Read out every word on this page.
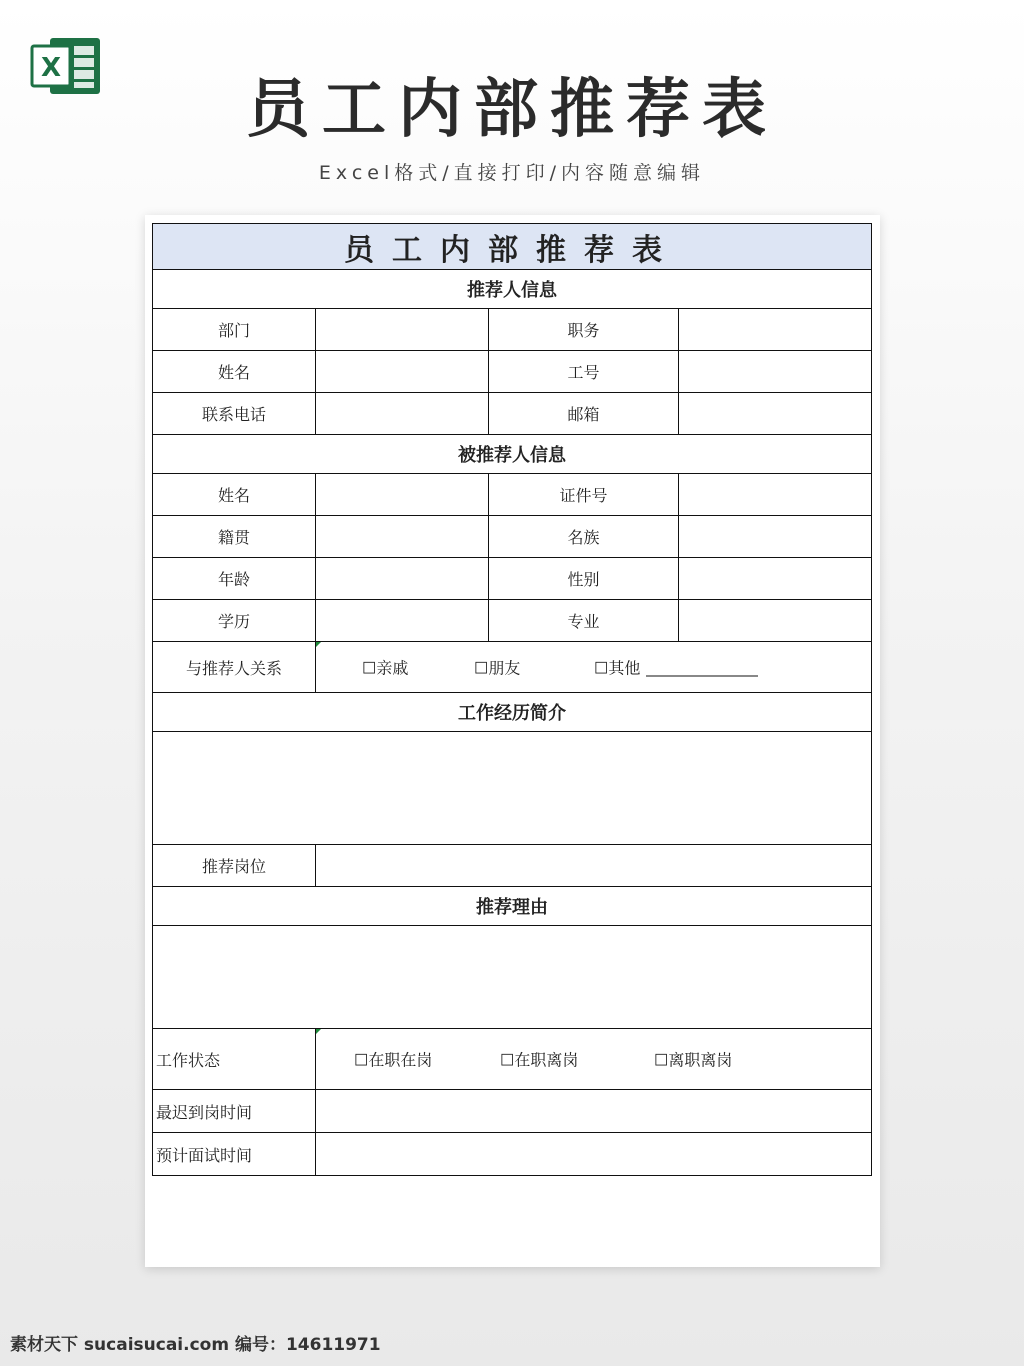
X
员工内部推荐表
Excel格式/直接打印/内容随意编辑
员工内部推荐表			
推荐人信息			
部门		职务	
姓名		工号	
联系电话		邮箱	
被推荐人信息			
姓名		证件号	
籍贯		名族	
年龄		性别	
学历		专业	
与推荐人关系	☐亲戚 ☐朋友 ☐其他		

工作经历简介			

推荐岗位			
推荐理由			

工作状态	☐在职在岗 ☐在职离岗 ☐离职离岗		

最迟到岗时间			
预计面试时间			
素材天下 sucaisucai.com 编号：14611971
